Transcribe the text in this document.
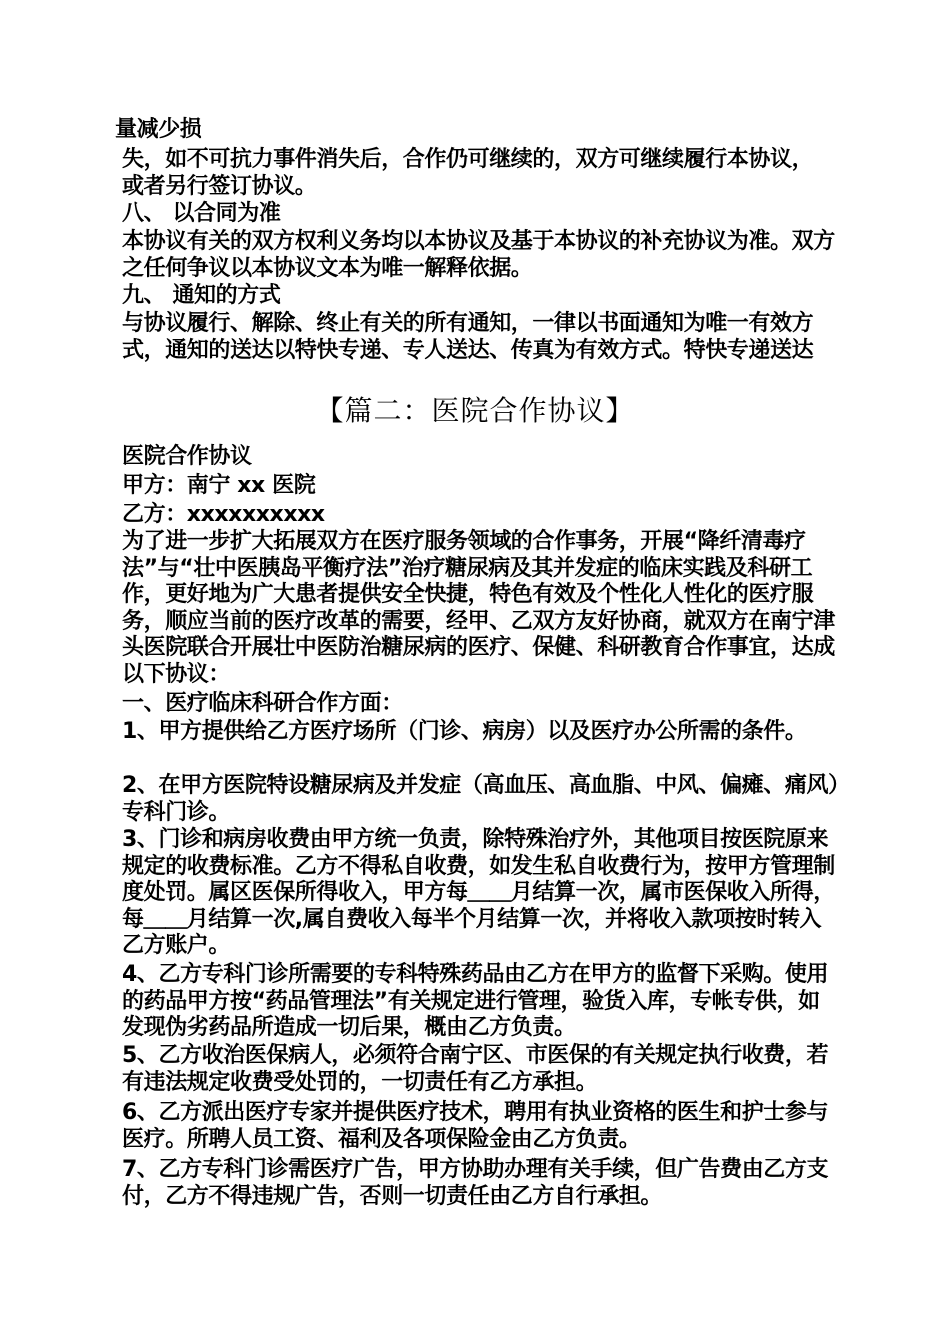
量减少损

失，如不可抗力事件消失后，合作仍可继续的，双方可继续履行本协议，　或者另行签订协议。

八、 以合同为准

本协议有关的双方权利义务均以本协议及基于本协议的补充协议为准。双方之任何争议以本协议文本为唯一解释依据。

九、 通知的方式

与协议履行、解除、终止有关的所有通知，一律以书面通知为唯一有效方式，通知的送达以特快专递、专人送达、传真为有效方式。特快专递送达

【篇二：医院合作协议】

医院合作协议

甲方：南宁 xx 医院

乙方：xxxxxxxxxx

为了进一步扩大拓展双方在医疗服务领域的合作事务，开展“降纤清毒疗法”与“壮中医胰岛平衡疗法”治疗糖尿病及其并发症的临床实践及科研工作，更好地为广大患者提供安全快捷，特色有效及个性化人性化的医疗服务，顺应当前的医疗改革的需要，经甲、乙双方友好协商，就双方在南宁津头医院联合开展壮中医防治糖尿病的医疗、保健、科研教育合作事宜，达成以下协议：

一、医疗临床科研合作方面：

1、甲方提供给乙方医疗场所（门诊、病房）以及医疗办公所需的条件。

2、在甲方医院特设糖尿病及并发症（高血压、高血脂、中风、偏瘫、痛风）专科门诊。

3、门诊和病房收费由甲方统一负责，除特殊治疗外，其他项目按医院原来规定的收费标准。乙方不得私自收费，如发生私自收费行为，按甲方管理制度处罚。属区医保所得收入，甲方每＿＿月结算一次，属市医保收入所得，每＿＿月结算一次,属自费收入每半个月结算一次，并将收入款项按时转入乙方账户。

4、乙方专科门诊所需要的专科特殊药品由乙方在甲方的监督下采购。使用的药品甲方按“药品管理法”有关规定进行管理，验货入库，专帐专供，如发现伪劣药品所造成一切后果，概由乙方负责。

5、乙方收治医保病人，必须符合南宁区、市医保的有关规定执行收费，若有违法规定收费受处罚的，一切责任有乙方承担。

6、乙方派出医疗专家并提供医疗技术，聘用有执业资格的医生和护士参与医疗。所聘人员工资、福利及各项保险金由乙方负责。

7、乙方专科门诊需医疗广告，甲方协助办理有关手续，但广告费由乙方支付，乙方不得违规广告，否则一切责任由乙方自行承担。
